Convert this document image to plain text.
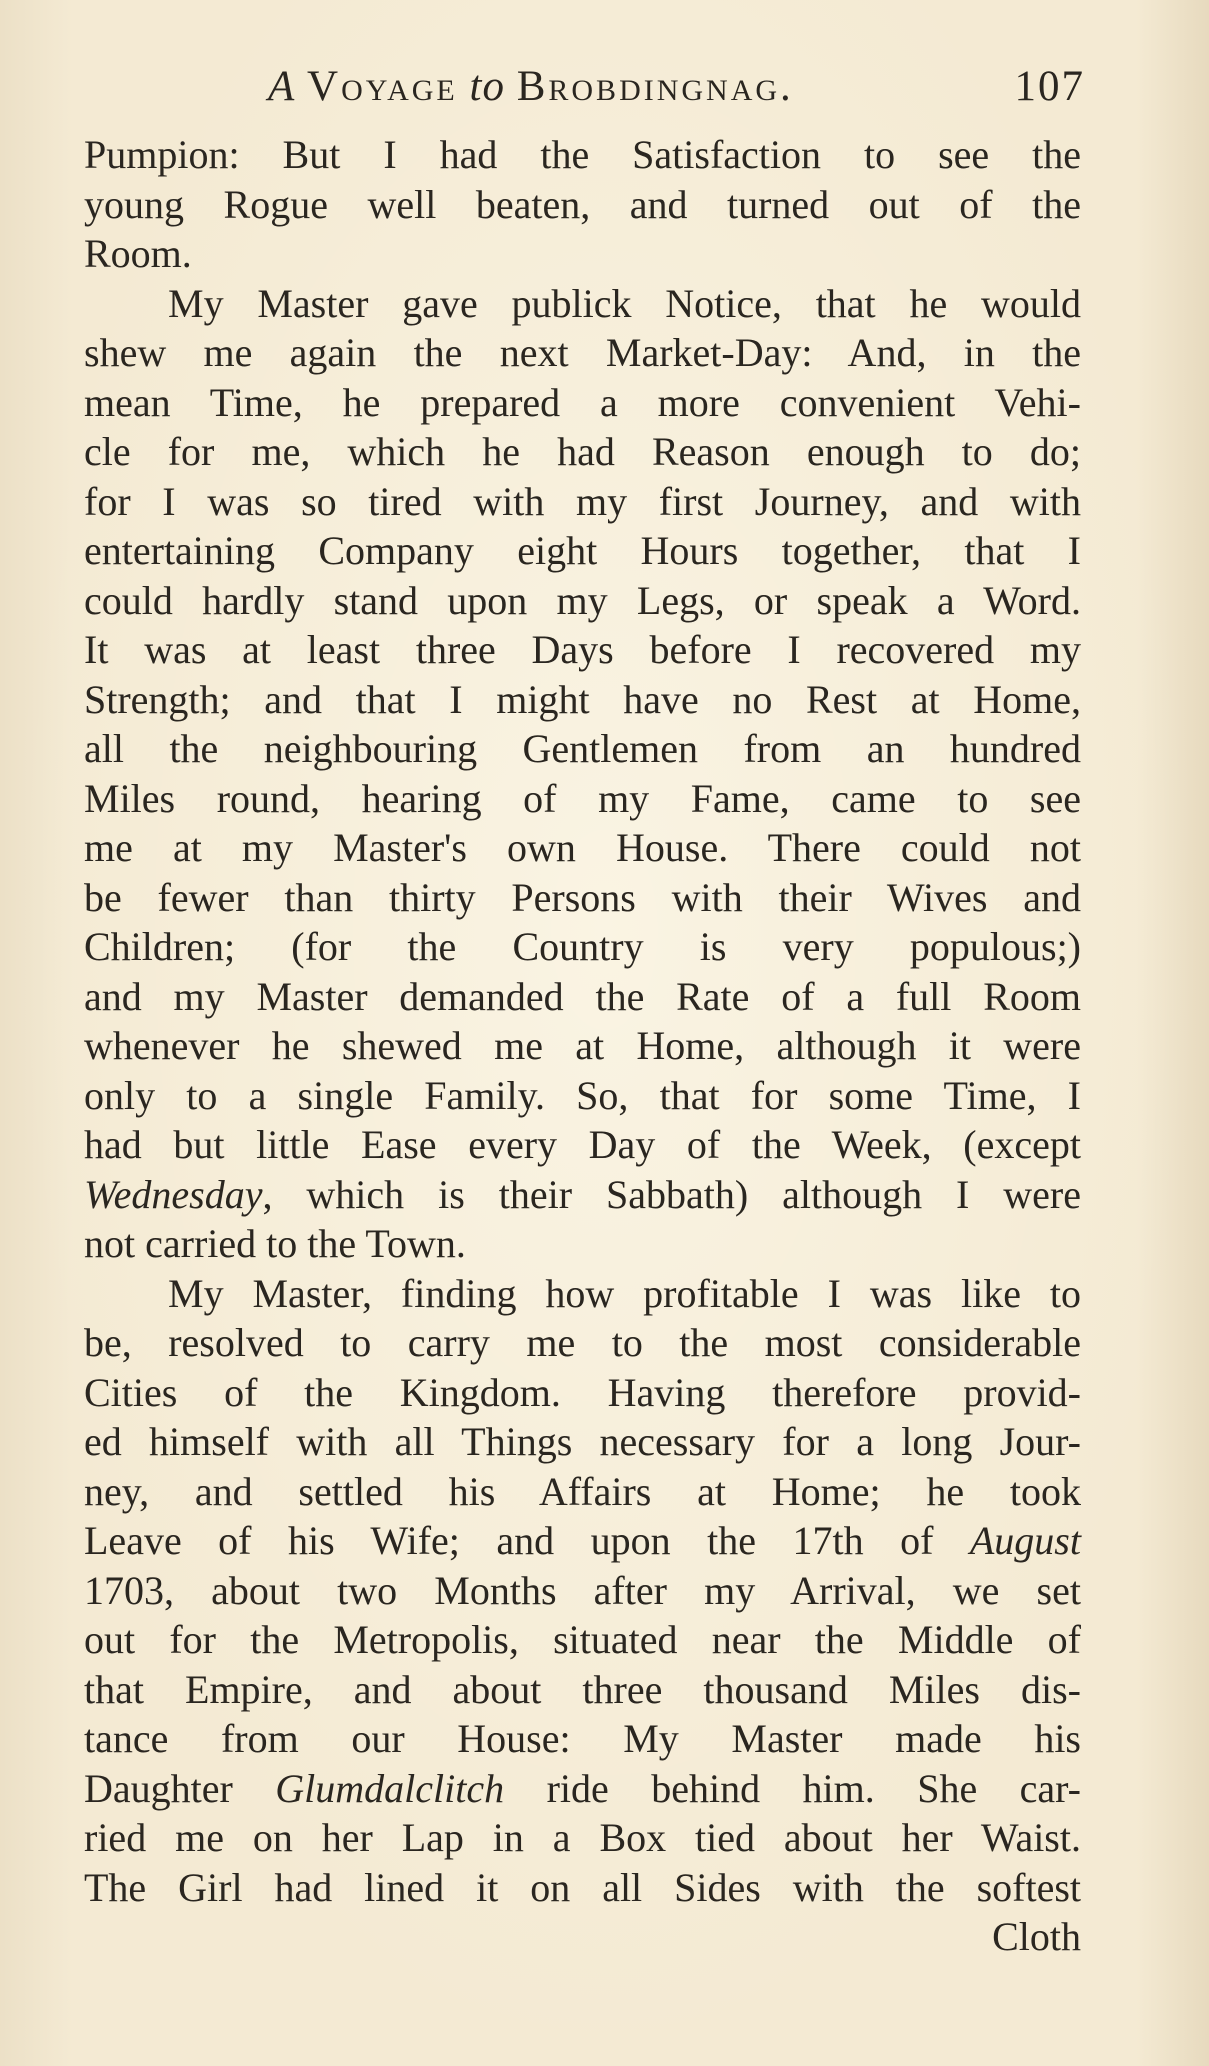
A Voyage to Brobdingnag.	107
Pumpion: But I had the Satisfaction to see the
young Rogue well beaten, and turned out of the
Room.
My Master gave publick Notice, that he would
shew me again the next Market-Day: And, in the
mean Time, he prepared a more convenient Vehi-
cle for me, which he had Reason enough to do;
for I was so tired with my first Journey, and with
entertaining Company eight Hours together, that I
could hardly stand upon my Legs, or speak a Word.
It was at least three Days before I recovered my
Strength; and that I might have no Rest at Home,
all the neighbouring Gentlemen from an hundred
Miles round, hearing of my Fame, came to see
me at my Master's own House. There could not
be fewer than thirty Persons with their Wives and
Children; (for the Country is very populous;)
and my Master demanded the Rate of a full Room
whenever he shewed me at Home, although it were
only to a single Family. So, that for some Time, I
had but little Ease every Day of the Week, (except
Wednesday, which is their Sabbath) although I were
not carried to the Town.
My Master, finding how profitable I was like to
be, resolved to carry me to the most considerable
Cities of the Kingdom. Having therefore provid-
ed himself with all Things necessary for a long Jour-
ney, and settled his Affairs at Home; he took
Leave of his Wife; and upon the 17th of August
1703, about two Months after my Arrival, we set
out for the Metropolis, situated near the Middle of
that Empire, and about three thousand Miles dis-
tance from our House: My Master made his
Daughter Glumdalclitch ride behind him. She car-
ried me on her Lap in a Box tied about her Waist.
The Girl had lined it on all Sides with the softest
Cloth
